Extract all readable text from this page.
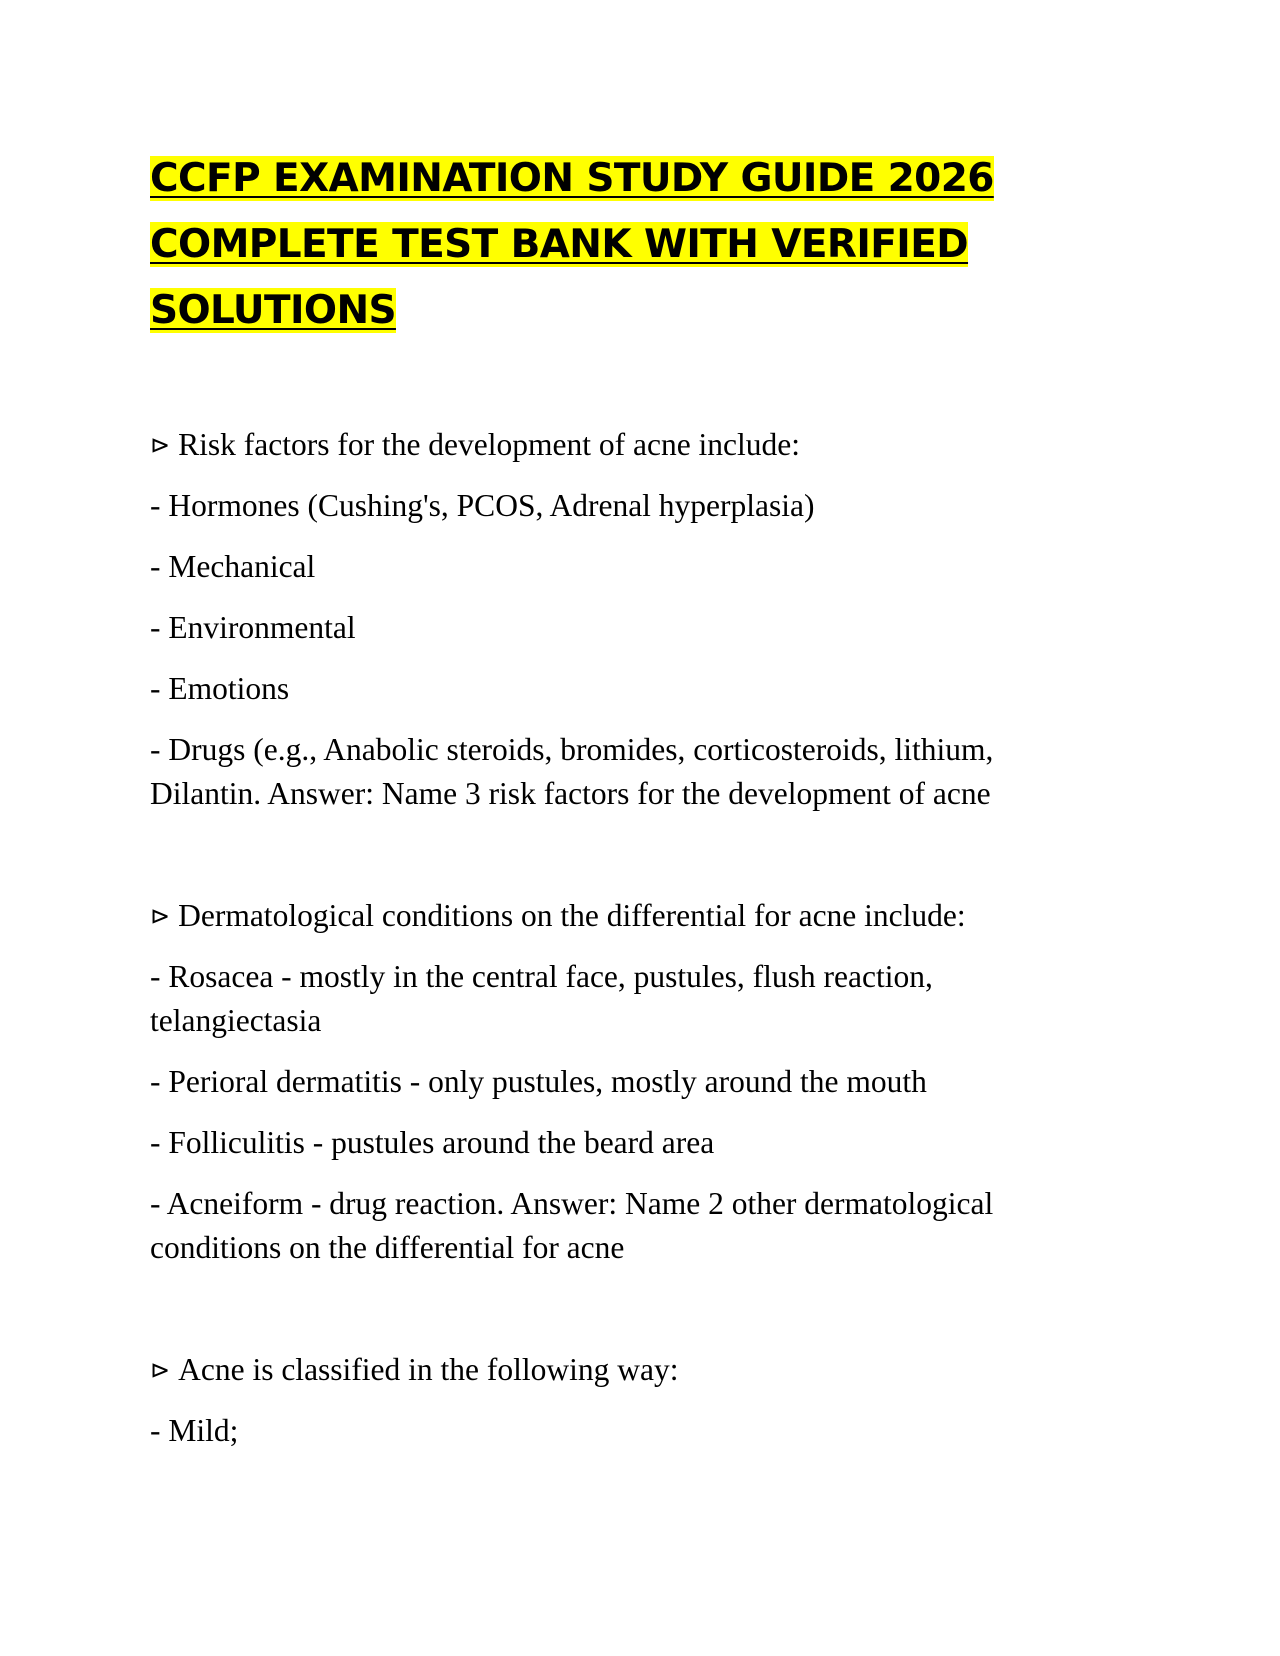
CCFP EXAMINATION STUDY GUIDE 2026
COMPLETE TEST BANK WITH VERIFIED
SOLUTIONS

⊳ Risk factors for the development of acne include:

- Hormones (Cushing's, PCOS, Adrenal hyperplasia)

- Mechanical

- Environmental

- Emotions

- Drugs (e.g., Anabolic steroids, bromides, corticosteroids, lithium, Dilantin. Answer: Name 3 risk factors for the development of acne

⊳ Dermatological conditions on the differential for acne include:

- Rosacea - mostly in the central face, pustules, flush reaction, telangiectasia

- Perioral dermatitis - only pustules, mostly around the mouth

- Folliculitis - pustules around the beard area

- Acneiform - drug reaction. Answer: Name 2 other dermatological conditions on the differential for acne

⊳ Acne is classified in the following way:

- Mild;
